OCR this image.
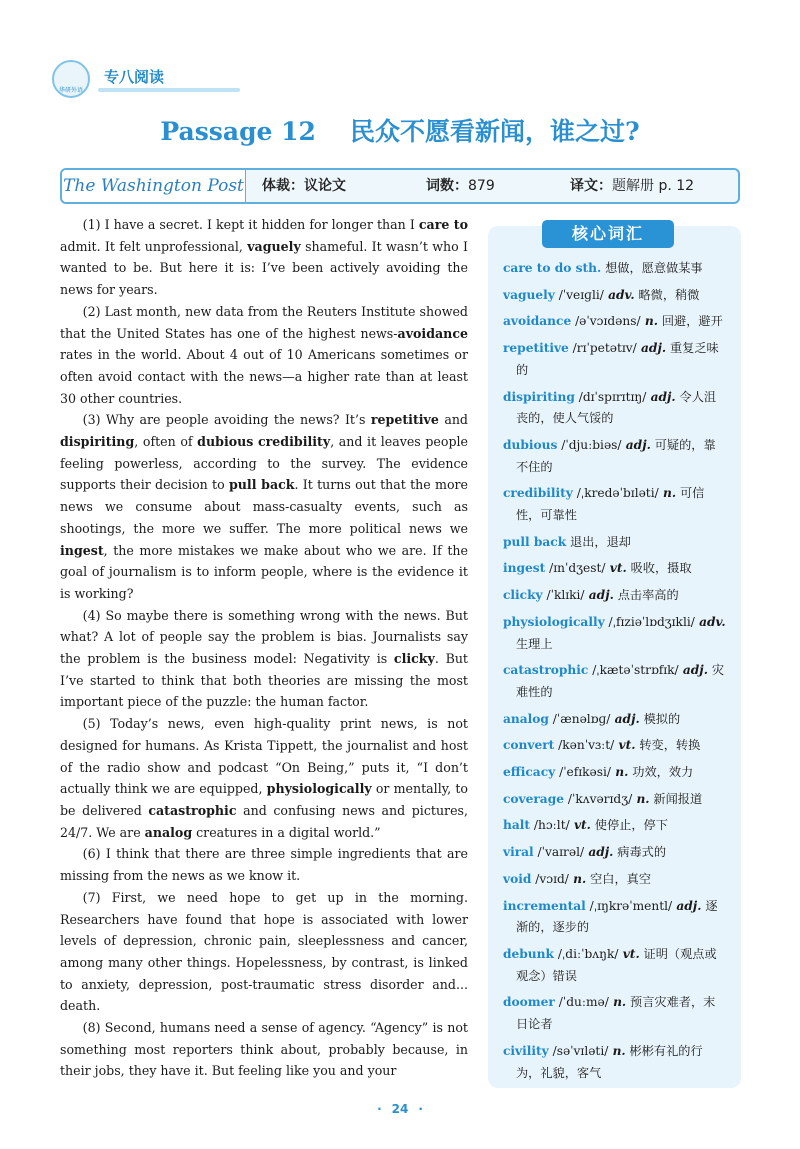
华研外语
专八阅读
Passage 12 民众不愿看新闻，谁之过?
The Washington Post 体裁：议论文	词数：879	译文：题解册 p. 12

(1) I have a secret. I kept it hidden for longer than I care to admit. It felt unprofessional, vaguely shameful. It wasn’t who I wanted to be. But here it is: I’ve been actively avoiding the news for years.

(2) Last month, new data from the Reuters Institute showed that the United States has one of the highest news-avoidance rates in the world. About 4 out of 10 Americans sometimes or often avoid contact with the news—a higher rate than at least 30 other countries.

(3) Why are people avoiding the news? It’s repetitive and dispiriting, often of dubious credibility, and it leaves people feeling powerless, according to the survey. The evidence supports their decision to pull back. It turns out that the more news we consume about mass-casualty events, such as shootings, the more we suffer. The more political news we ingest, the more mistakes we make about who we are. If the goal of journalism is to inform people, where is the evidence it is working?

(4) So maybe there is something wrong with the news. But what? A lot of people say the problem is bias. Journalists say the problem is the business model: Negativity is clicky. But I’ve started to think that both theories are missing the most important piece of the puzzle: the human factor.

(5) Today’s news, even high-quality print news, is not designed for humans. As Krista Tippett, the journalist and host of the radio show and podcast “On Being,” puts it, “I don’t actually think we are equipped, physiologically or mentally, to be delivered catastrophic and confusing news and pictures, 24/7. We are analog creatures in a digital world.”

(6) I think that there are three simple ingredients that are missing from the news as we know it.

(7) First, we need hope to get up in the morning. Researchers have found that hope is associated with lower levels of depression, chronic pain, sleeplessness and cancer, among many other things. Hopelessness, by contrast, is linked to anxiety, depression, post-traumatic stress disorder and... death.

(8) Second, humans need a sense of agency. “Agency” is not something most reporters think about, probably because, in their jobs, they have it. But feeling like you and your

核心词汇
care to do sth. 想做，愿意做某事
vaguely /ˈveɪɡli/ adv. 略微，稍微
avoidance /əˈvɔɪdəns/ n. 回避，避开
repetitive /rɪˈpetətɪv/ adj. 重复乏味的
dispiriting /dɪˈspɪrɪtɪŋ/ adj. 令人沮丧的，使人气馁的
dubious /ˈdjuːbiəs/ adj. 可疑的，靠不住的
credibility /ˌkredəˈbɪləti/ n. 可信性，可靠性
pull back 退出，退却
ingest /ɪnˈdʒest/ vt. 吸收，摄取
clicky /ˈklɪki/ adj. 点击率高的
physiologically /ˌfɪziəˈlɒdʒɪkli/ adv. 生理上
catastrophic /ˌkætəˈstrɒfɪk/ adj. 灾难性的
analog /ˈænəlɒɡ/ adj. 模拟的
convert /kənˈvɜːt/ vt. 转变，转换
efficacy /ˈefɪkəsi/ n. 功效，效力
coverage /ˈkʌvərɪdʒ/ n. 新闻报道
halt /hɔːlt/ vt. 使停止，停下
viral /ˈvaɪrəl/ adj. 病毒式的
void /vɔɪd/ n. 空白，真空
incremental /ˌɪŋkrəˈmentl/ adj. 逐渐的，逐步的
debunk /ˌdiːˈbʌŋk/ vt. 证明（观点或观念）错误
doomer /ˈduːmə/ n. 预言灾难者，末日论者
civility /səˈvɪləti/ n. 彬彬有礼的行为，礼貌，客气
· 24 ·
